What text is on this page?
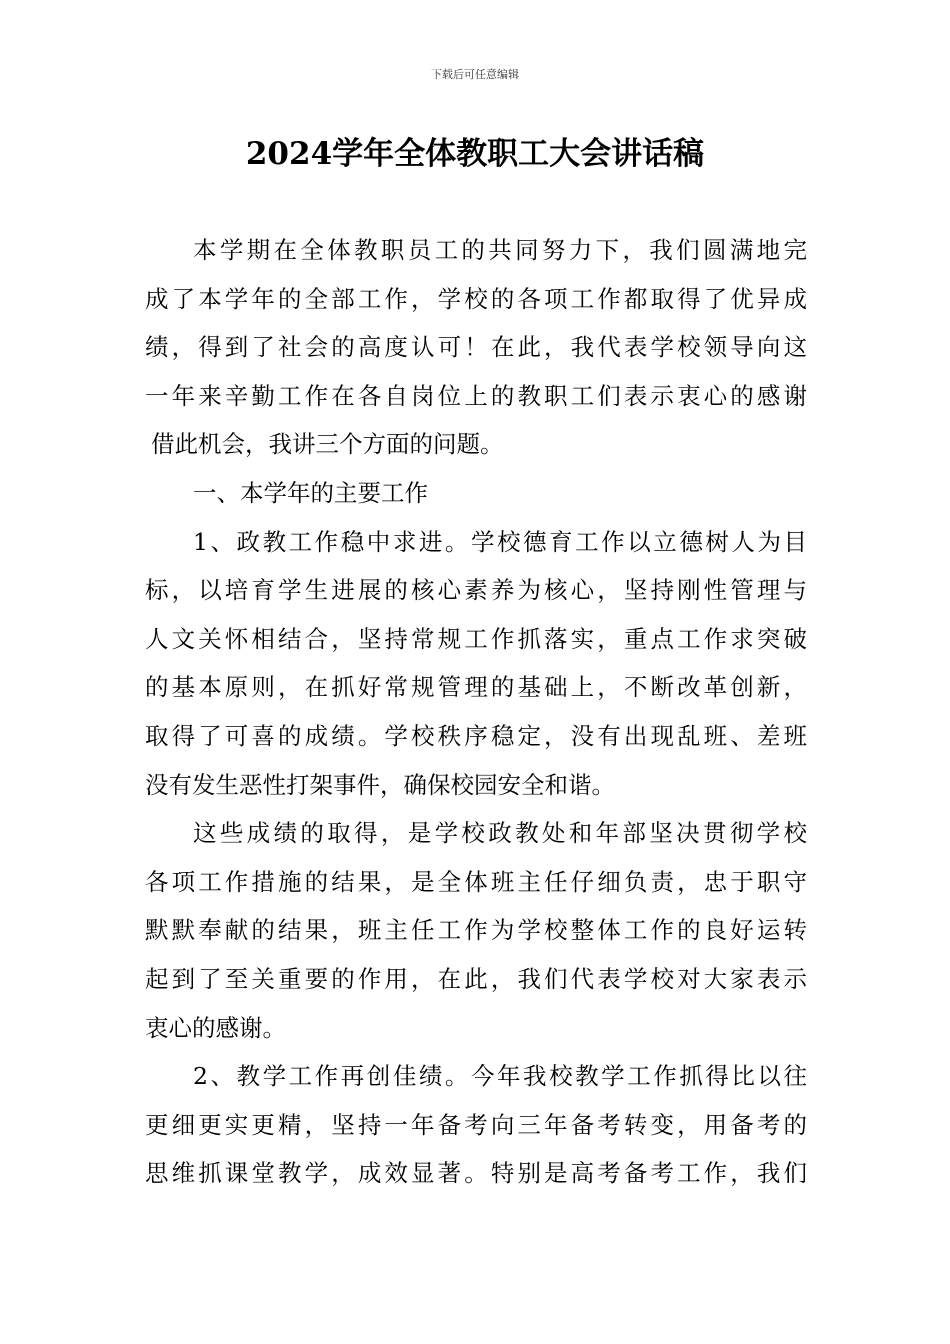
下载后可任意编辑
2024学年全体教职工大会讲话稿
本学期在全体教职员工的共同努力下，我们圆满地完
成了本学年的全部工作，学校的各项工作都取得了优异成
绩，得到了社会的高度认可！在此，我代表学校领导向这
一年来辛勤工作在各自岗位上的教职工们表示衷心的感谢
借此机会，我讲三个方面的问题。
一、本学年的主要工作
1、政教工作稳中求进。学校德育工作以立德树人为目
标，以培育学生进展的核心素养为核心，坚持刚性管理与
人文关怀相结合，坚持常规工作抓落实，重点工作求突破
的基本原则，在抓好常规管理的基础上，不断改革创新，
取得了可喜的成绩。学校秩序稳定，没有出现乱班、差班
没有发生恶性打架事件，确保校园安全和谐。
这些成绩的取得，是学校政教处和年部坚决贯彻学校
各项工作措施的结果，是全体班主任仔细负责，忠于职守
默默奉献的结果，班主任工作为学校整体工作的良好运转
起到了至关重要的作用，在此，我们代表学校对大家表示
衷心的感谢。
2、教学工作再创佳绩。今年我校教学工作抓得比以往
更细更实更精，坚持一年备考向三年备考转变，用备考的
思维抓课堂教学，成效显著。特别是高考备考工作，我们
